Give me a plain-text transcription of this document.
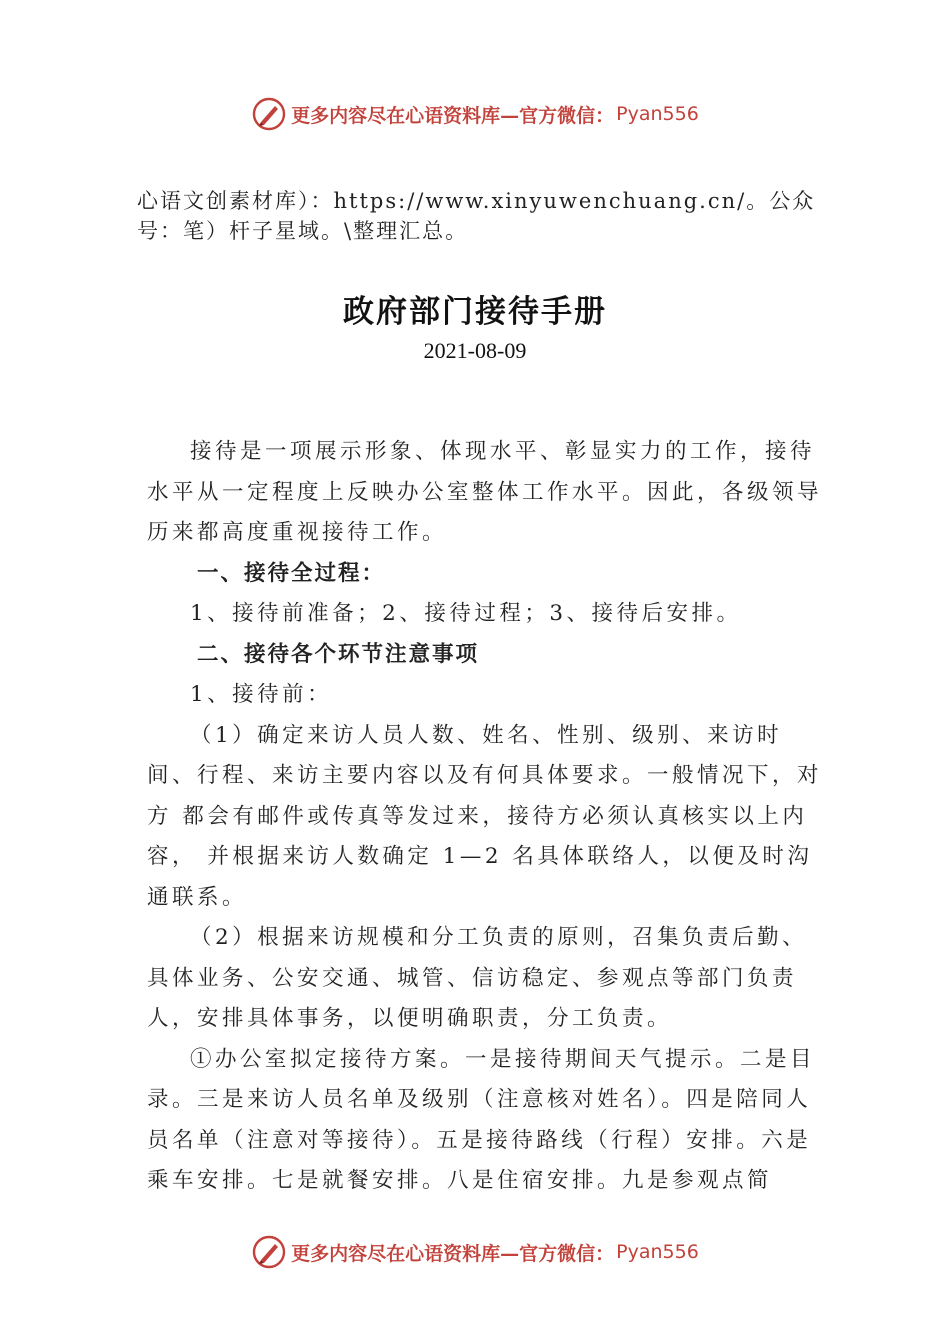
更多内容尽在心语资料库—官方微信： Pyan556
心语文创素材库）：https://www.xinyuwenchuang.cn/。公众
号：笔）杆子星域。\整理汇总。
政府部门接待手册
2021-08-09

接待是一项展示形象、体现水平、彰显实力的工作，接待水平从一定程度上反映办公室整体工作水平。因此，各级领导历来都高度重视接待工作。

一、接待全过程：

1、接待前准备；2、接待过程；3、接待后安排。

二、接待各个环节注意事项

1、接待前：

（1）确定来访人员人数、姓名、性别、级别、来访时间、行程、来访主要内容以及有何具体要求。一般情况下，对方 都会有邮件或传真等发过来，接待方必须认真核实以上内容， 并根据来访人数确定 1—2 名具体联络人，以便及时沟通联系。

（2）根据来访规模和分工负责的原则，召集负责后勤、具体业务、公安交通、城管、信访稳定、参观点等部门负责人，安排具体事务，以便明确职责，分工负责。

①办公室拟定接待方案。一是接待期间天气提示。二是目录。三是来访人员名单及级别（注意核对姓名）。四是陪同人员名单（注意对等接待）。五是接待路线（行程）安排。六是乘车安排。七是就餐安排。八是住宿安排。九是参观点简

更多内容尽在心语资料库—官方微信： Pyan556
